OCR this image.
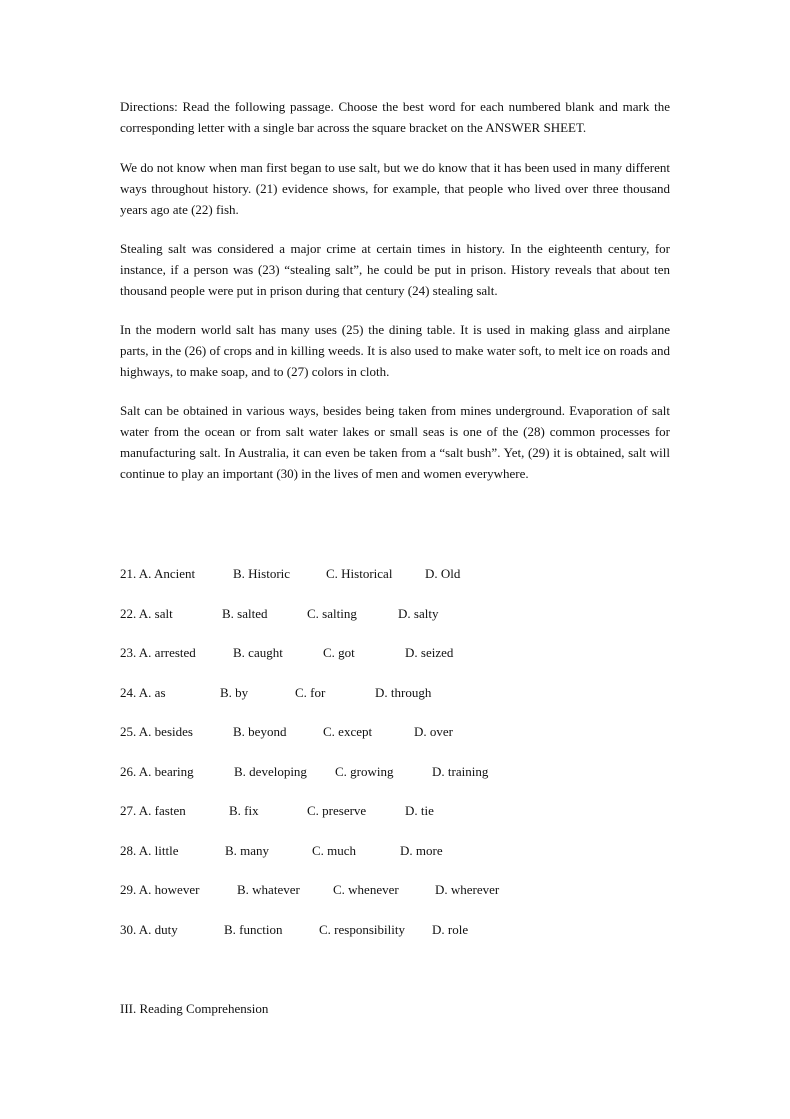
Directions: Read the following passage. Choose the best word for each numbered blank and mark the corresponding letter with a single bar across the square bracket on the ANSWER SHEET.

We do not know when man first began to use salt, but we do know that it has been used in many different ways throughout history. (21) evidence shows, for example, that people who lived over three thousand years ago ate (22) fish.

Stealing salt was considered a major crime at certain times in history. In the eighteenth century, for instance, if a person was (23) “stealing salt”, he could be put in prison. History reveals that about ten thousand people were put in prison during that century (24) stealing salt.

In the modern world salt has many uses (25) the dining table. It is used in making glass and airplane parts, in the (26) of crops and in killing weeds. It is also used to make water soft, to melt ice on roads and highways, to make soap, and to (27) colors in cloth.

Salt can be obtained in various ways, besides being taken from mines underground. Evaporation of salt water from the ocean or from salt water lakes or small seas is one of the (28) common processes for manufacturing salt. In Australia, it can even be taken from a “salt bush”. Yet, (29) it is obtained, salt will continue to play an important (30) in the lives of men and women everywhere.

21. A. Ancient	B. Historic	C. Historical	D. Old
22. A. salt	B. salted	C. salting	D. salty
23. A. arrested	B. caught	C. got	D. seized
24. A. as	B. by	C. for	D. through
25. A. besides	B. beyond	C. except	D. over
26. A. bearing	B. developing C. growing	D. training
27. A. fasten	B. fix	C. preserve	D. tie
28. A. little	B. many	C. much	D. more
29. A. however	B. whatever	C. whenever	D. wherever
30. A. duty	B. function	C. responsibility D. role
III. Reading Comprehension
